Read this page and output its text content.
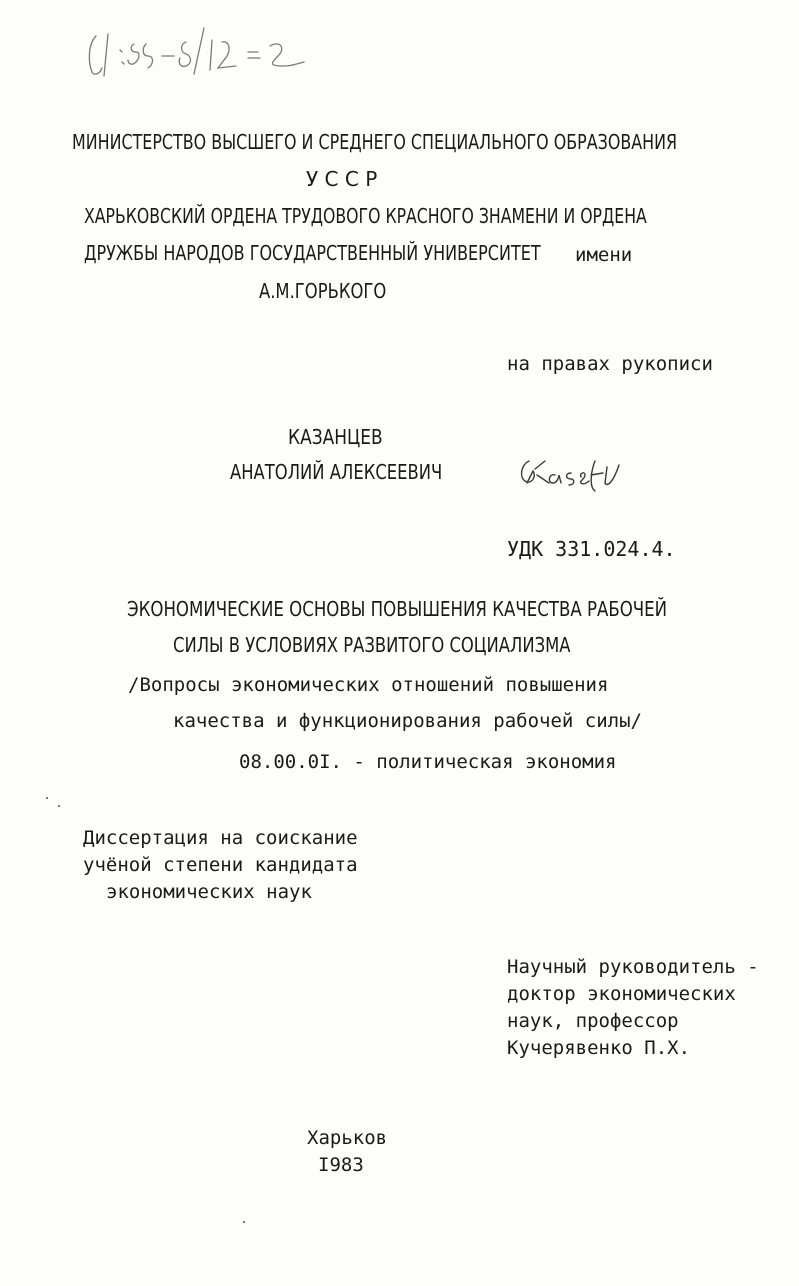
МИНИСТЕРСТВО ВЫСШЕГО И СРЕДНЕГО СПЕЦИАЛЬНОГО ОБРАЗОВАНИЯ
У С С Р
ХАРЬКОВСКИЙ ОРДЕНА ТРУДОВОГО КРАСНОГО ЗНАМЕНИ И ОРДЕНА
ДРУЖБЫ НАРОДОВ ГОСУДАРСТВЕННЫЙ УНИВЕРСИТЕТ имени
А.М.ГОРЬКОГО
на правах рукописи
КАЗАНЦЕВ
АНАТОЛИЙ АЛЕКСЕЕВИЧ
УДК 331.024.4.
ЭКОНОМИЧЕСКИЕ ОСНОВЫ ПОВЫШЕНИЯ КАЧЕСТВА РАБОЧЕЙ
СИЛЫ В УСЛОВИЯХ РАЗВИТОГО СОЦИАЛИЗМА
/Вопросы экономических отношений повышения
качества и функционирования рабочей силы/
08.00.0I. - политическая экономия
Диссертация на соискание
учёной степени кандидата
экономических наук
Научный руководитель -
доктор экономических
наук, профессор
Кучерявенко П.Х.
Харьков
I983
